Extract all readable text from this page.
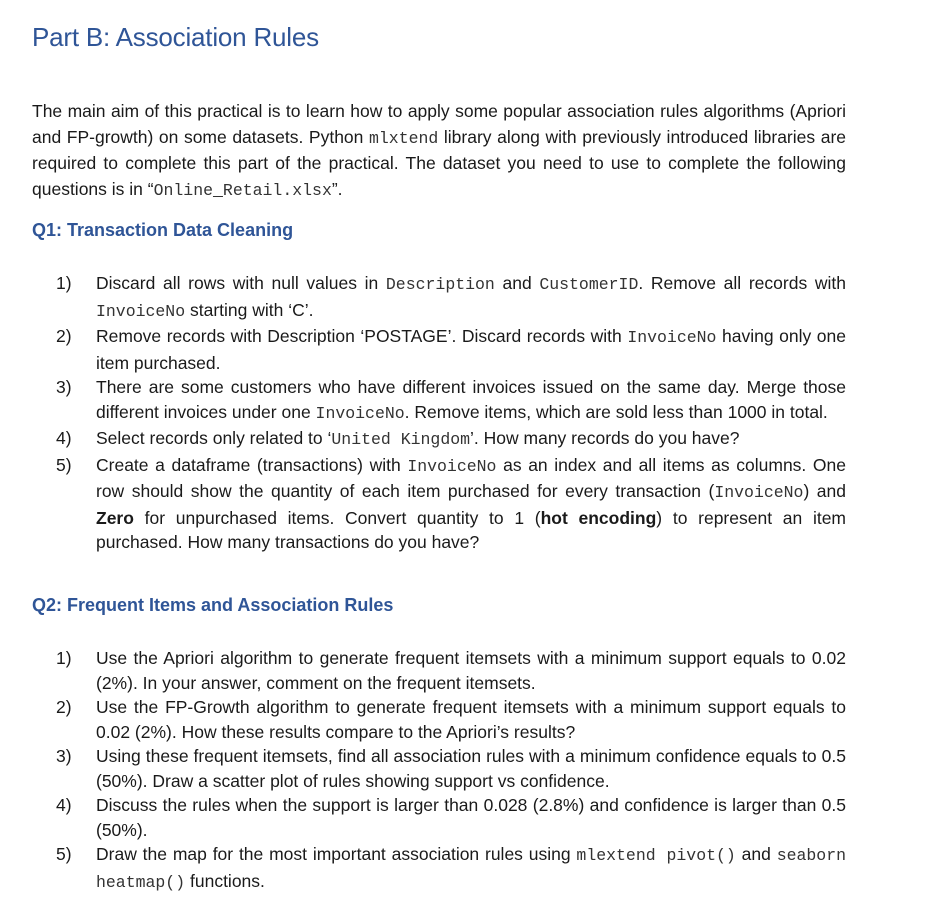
Part B: Association Rules

The main aim of this practical is to learn how to apply some popular association rules algorithms (Apriori and FP-growth) on some datasets. Python mlxtend library along with previously introduced libraries are required to complete this part of the practical. The dataset you need to use to complete the following questions is in “Online_Retail.xlsx”.

Q1: Transaction Data Cleaning
1)	Discard all rows with null values in Description and CustomerID. Remove all records with InvoiceNo starting with ‘C’.
2)	Remove records with Description ‘POSTAGE’. Discard records with InvoiceNo having only one item purchased.
3)	There are some customers who have different invoices issued on the same day. Merge those different invoices under one InvoiceNo. Remove items, which are sold less than 1000 in total.
4)	Select records only related to ‘United Kingdom’. How many records do you have?
5)	Create a dataframe (transactions) with InvoiceNo as an index and all items as columns. One row should show the quantity of each item purchased for every transaction (InvoiceNo) and Zero for unpurchased items. Convert quantity to 1 (hot encoding) to represent an item purchased. How many transactions do you have?
Q2: Frequent Items and Association Rules
1)	Use the Apriori algorithm to generate frequent itemsets with a minimum support equals to 0.02 (2%). In your answer, comment on the frequent itemsets.
2)	Use the FP-Growth algorithm to generate frequent itemsets with a minimum support equals to 0.02 (2%). How these results compare to the Apriori’s results?
3)	Using these frequent itemsets, find all association rules with a minimum confidence equals to 0.5 (50%). Draw a scatter plot of rules showing support vs confidence.
4)	Discuss the rules when the support is larger than 0.028 (2.8%) and confidence is larger than 0.5 (50%).
5)	Draw the map for the most important association rules using mlextend pivot() and seaborn heatmap() functions.
